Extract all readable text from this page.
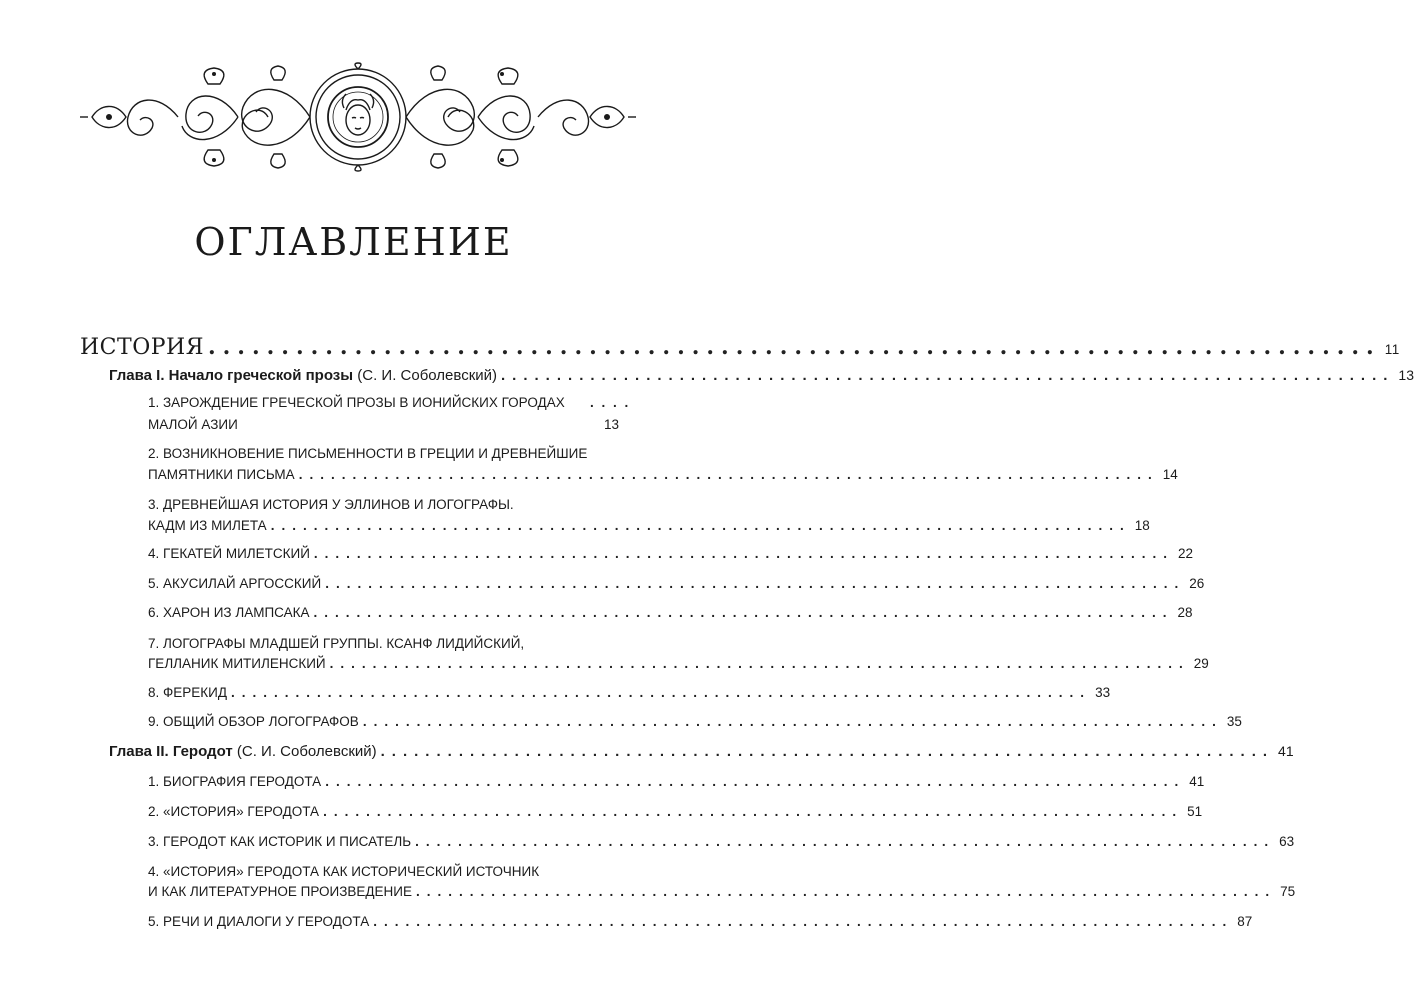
ОГЛАВЛЕНИЕ
ИСТОРИЯ ................................................................................ 11
Глава I. Начало греческой прозы (С. И. Соболевский) ................................................................................ 13
1. ЗАРОЖДЕНИЕ ГРЕЧЕСКОЙ ПРОЗЫ В ИОНИЙСКИХ ГОРОДАХ
МАЛОЙ АЗИИ	13
2. ВОЗНИКНОВЕНИЕ ПИСЬМЕННОСТИ В ГРЕЦИИ И ДРЕВНЕЙШИЕ
ПАМЯТНИКИ ПИСЬМА ................................................................................ 14
3. ДРЕВНЕЙШАЯ ИСТОРИЯ У ЭЛЛИНОВ И ЛОГОГРАФЫ.
КАДМ ИЗ МИЛЕТА ................................................................................ 18
4. ГЕКАТЕЙ МИЛЕТСКИЙ ................................................................................ 22
5. АКУСИЛАЙ АРГОССКИЙ ................................................................................ 26
6. ХАРОН ИЗ ЛАМПСАКА ................................................................................ 28
7. ЛОГОГРАФЫ МЛАДШЕЙ ГРУППЫ. КСАНФ ЛИДИЙСКИЙ,
ГЕЛЛАНИК МИТИЛЕНСКИЙ ................................................................................ 29
8. ФЕРЕКИД ................................................................................ 33
9. ОБЩИЙ ОБЗОР ЛОГОГРАФОВ ................................................................................ 35
Глава II. Геродот (С. И. Соболевский) ................................................................................ 41
1. БИОГРАФИЯ ГЕРОДОТА ................................................................................ 41
2. «ИСТОРИЯ» ГЕРОДОТА ................................................................................ 51
3. ГЕРОДОТ КАК ИСТОРИК И ПИСАТЕЛЬ ................................................................................ 63
4. «ИСТОРИЯ» ГЕРОДОТА КАК ИСТОРИЧЕСКИЙ ИСТОЧНИК
И КАК ЛИТЕРАТУРНОЕ ПРОИЗВЕДЕНИЕ ................................................................................ 75
5. РЕЧИ И ДИАЛОГИ У ГЕРОДОТА ................................................................................ 87
. . . .
